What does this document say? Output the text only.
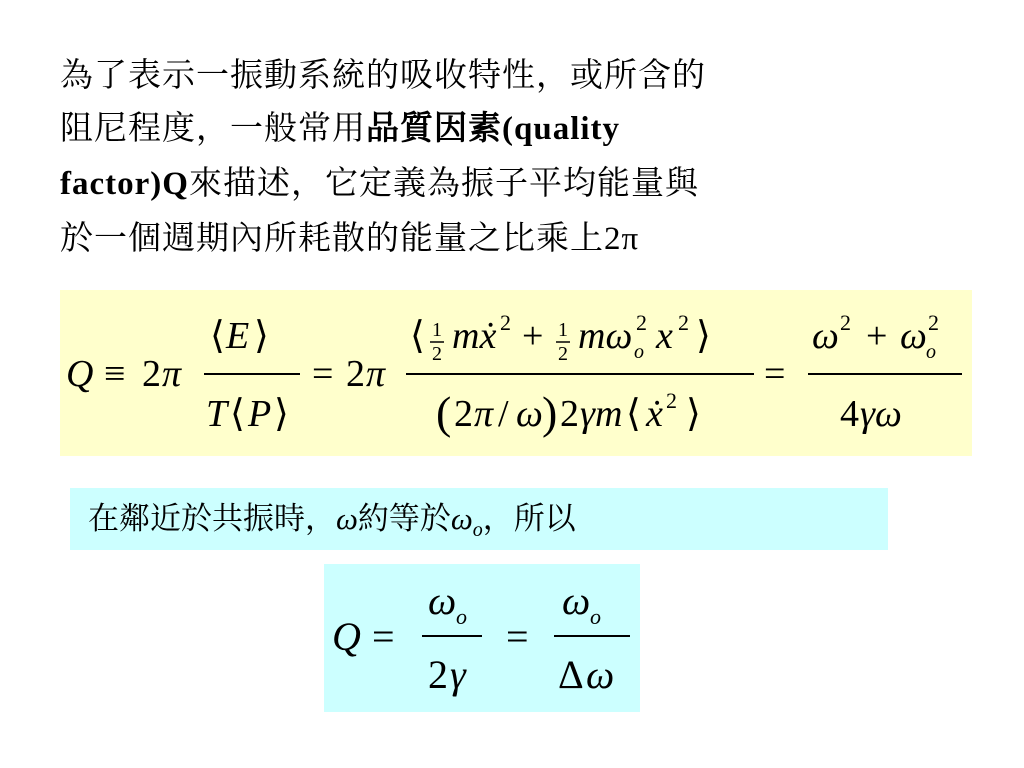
為了表示一振動系統的吸收特性，或所含的
阻尼程度，一般常用品質因素(quality
factor)Q來描述，它定義為振子平均能量與
於一個週期內所耗散的能量之比乘上2π
Q ≡ 2 π
⟨ E ⟩
T ⟨ P ⟩
= 2 π
⟨ 1
2 mẋ 2 + 1
2 mω 2
o x 2 ⟩
( 2 π / ω ) 2 γm ⟨ ẋ 2 ⟩
=
ω 2 + ω 2
o
4 γω
在鄰近於共振時，ω約等於$\omega_o$，所以
Q =
ω o
2 γ
=
ω o
Δ ω
